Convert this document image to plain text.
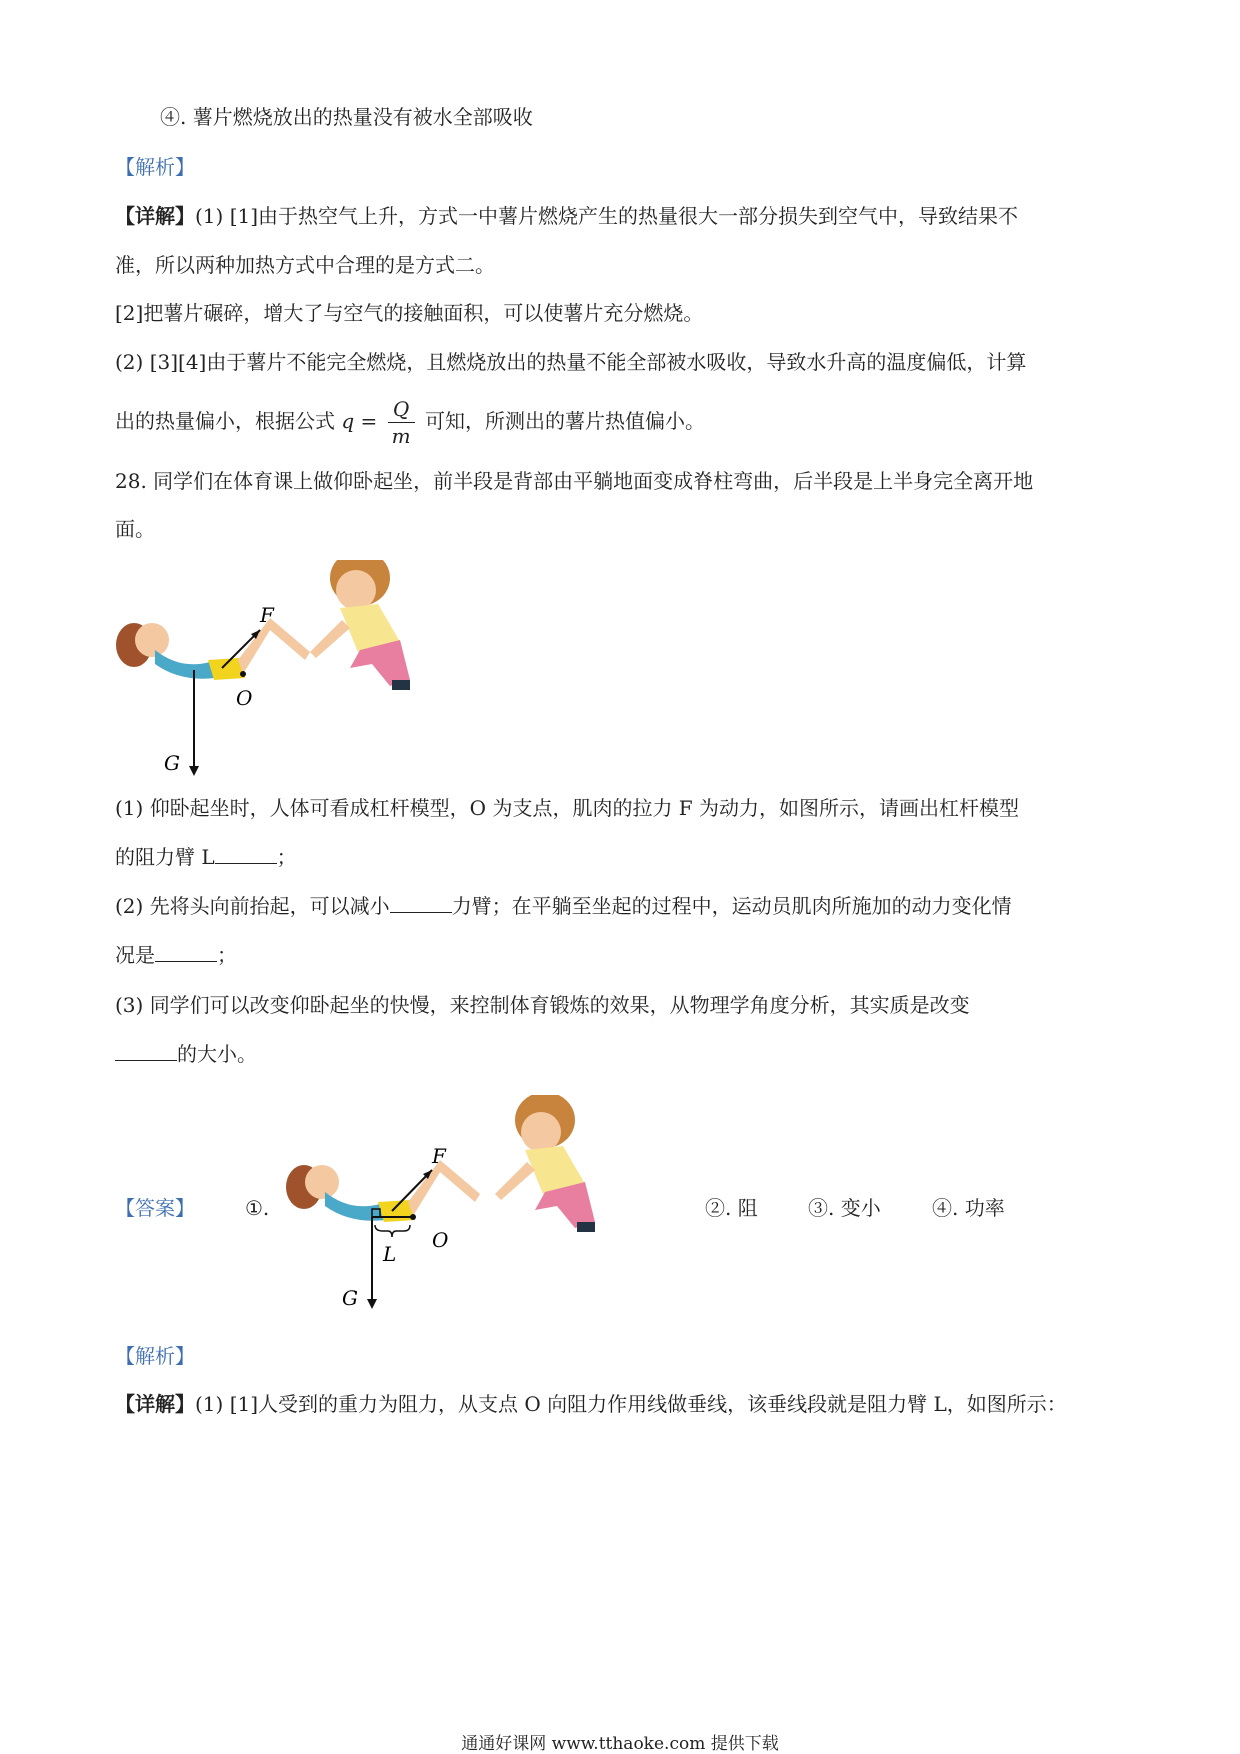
④. 薯片燃烧放出的热量没有被水全部吸收
【解析】
【详解】(1) [1]由于热空气上升，方式一中薯片燃烧产生的热量很大一部分损失到空气中，导致结果不
准，所以两种加热方式中合理的是方式二。
[2]把薯片碾碎，增大了与空气的接触面积，可以使薯片充分燃烧。
(2) [3][4]由于薯片不能完全燃烧，且燃烧放出的热量不能全部被水吸收，导致水升高的温度偏低，计算
出的热量偏小，根据公式 $q = \frac{Q}{m}$ 可知，所测出的薯片热值偏小。
28. 同学们在体育课上做仰卧起坐，前半段是背部由平躺地面变成脊柱弯曲，后半段是上半身完全离开地
面。
F
O
G
(1) 仰卧起坐时，人体可看成杠杆模型，O 为支点，肌肉的拉力 F 为动力，如图所示，请画出杠杆模型
的阻力臂 L	；
(2) 先将头向前抬起，可以减小	力臂；在平躺至坐起的过程中，运动员肌肉所施加的动力变化情
况是	；
(3) 同学们可以改变仰卧起坐的快慢，来控制体育锻炼的效果，从物理学角度分析，其实质是改变
的大小。
【答案】	①.
F
O
G
L
②. 阻	③. 变小	④. 功率
【解析】
【详解】(1) [1]人受到的重力为阻力，从支点 O 向阻力作用线做垂线，该垂线段就是阻力臂 L，如图所示：
通通好课网 www.tthaoke.com 提供下载
